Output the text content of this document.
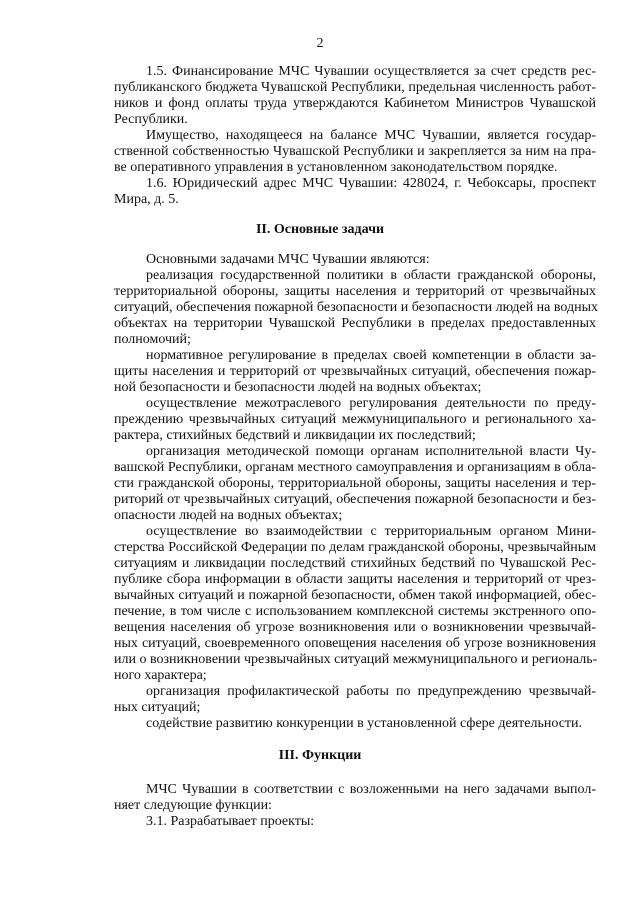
2
1.5. Финансирование МЧС Чувашии осуществляется за счет средств рес-
публиканского бюджета Чувашской Республики, предельная численность работ-
ников и фонд оплаты труда утверждаются Кабинетом Министров Чувашской
Республики.
Имущество, находящееся на балансе МЧС Чувашии, является государ-
ственной собственностью Чувашской Республики и закрепляется за ним на пра-
ве оперативного управления в установленном законодательством порядке.
1.6. Юридический адрес МЧС Чувашии: 428024, г. Чебоксары, проспект
Мира, д. 5.
II. Основные задачи
Основными задачами МЧС Чувашии являются:
реализация государственной политики в области гражданской обороны,
территориальной обороны, защиты населения и территорий от чрезвычайных
ситуаций, обеспечения пожарной безопасности и безопасности людей на водных
объектах на территории Чувашской Республики в пределах предоставленных
полномочий;
нормативное регулирование в пределах своей компетенции в области за-
щиты населения и территорий от чрезвычайных ситуаций, обеспечения пожар-
ной безопасности и безопасности людей на водных объектах;
осуществление межотраслевого регулирования деятельности по преду-
преждению чрезвычайных ситуаций межмуниципального и регионального ха-
рактера, стихийных бедствий и ликвидации их последствий;
организация методической помощи органам исполнительной власти Чу-
вашской Республики, органам местного самоуправления и организациям в обла-
сти гражданской обороны, территориальной обороны, защиты населения и тер-
риторий от чрезвычайных ситуаций, обеспечения пожарной безопасности и без-
опасности людей на водных объектах;
осуществление во взаимодействии с территориальным органом Мини-
стерства Российской Федерации по делам гражданской обороны, чрезвычайным
ситуациям и ликвидации последствий стихийных бедствий по Чувашской Рес-
публике сбора информации в области защиты населения и территорий от чрез-
вычайных ситуаций и пожарной безопасности, обмен такой информацией, обес-
печение, в том числе с использованием комплексной системы экстренного опо-
вещения населения об угрозе возникновения или о возникновении чрезвычай-
ных ситуаций, своевременного оповещения населения об угрозе возникновения
или о возникновении чрезвычайных ситуаций межмуниципального и региональ-
ного характера;
организация профилактической работы по предупреждению чрезвычай-
ных ситуаций;
содействие развитию конкуренции в установленной сфере деятельности.
III. Функции
МЧС Чувашии в соответствии с возложенными на него задачами выпол-
няет следующие функции:
3.1. Разрабатывает проекты:
